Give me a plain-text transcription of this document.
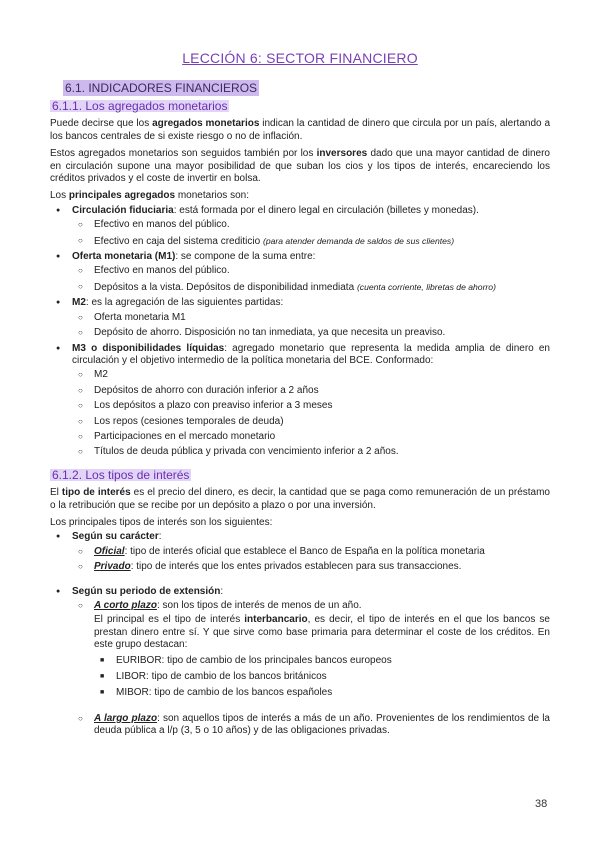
LECCIÓN 6: SECTOR FINANCIERO
6.1. INDICADORES FINANCIEROS
6.1.1. Los agregados monetarios

Puede decirse que los agregados monetarios indican la cantidad de dinero que circula por un país, alertando a los bancos centrales de si existe riesgo o no de inflación.

Estos agregados monetarios son seguidos también por los inversores dado que una mayor cantidad de dinero en circulación supone una mayor posibilidad de que suban los cios y los tipos de interés, encareciendo los créditos privados y el coste de invertir en bolsa.

Los principales agregados monetarios son:

● Circulación fiduciaria: está formada por el dinero legal en circulación (billetes y monedas).
○ Efectivo en manos del público.
○ Efectivo en caja del sistema crediticio (para atender demanda de saldos de sus clientes)
● Oferta monetaria (M1): se compone de la suma entre:
○ Efectivo en manos del público.
○ Depósitos a la vista. Depósitos de disponibilidad inmediata (cuenta corriente, libretas de ahorro)
● M2: es la agregación de las siguientes partidas:
○ Oferta monetaria M1
○ Depósito de ahorro. Disposición no tan inmediata, ya que necesita un preaviso.
● M3 o disponibilidades líquidas: agregado monetario que representa la medida amplia de dinero en circulación y el objetivo intermedio de la política monetaria del BCE. Conformado:
○ M2
○ Depósitos de ahorro con duración inferior a 2 años
○ Los depósitos a plazo con preaviso inferior a 3 meses
○ Los repos (cesiones temporales de deuda)
○ Participaciones en el mercado monetario
○ Títulos de deuda pública y privada con vencimiento inferior a 2 años.
6.1.2. Los tipos de interés

El tipo de interés es el precio del dinero, es decir, la cantidad que se paga como remuneración de un préstamo o la retribución que se recibe por un depósito a plazo o por una inversión.

Los principales tipos de interés son los siguientes:

● Según su carácter:
○ Oficial: tipo de interés oficial que establece el Banco de España en la política monetaria
○ Privado: tipo de interés que los entes privados establecen para sus transacciones.
● Según su periodo de extensión:
○ A corto plazo: son los tipos de interés de menos de un año.
El principal es el tipo de interés interbancario, es decir, el tipo de interés en el que los bancos se prestan dinero entre sí. Y que sirve como base primaria para determinar el coste de los créditos. En este grupo destacan:
■ EURIBOR: tipo de cambio de los principales bancos europeos
■ LIBOR: tipo de cambio de los bancos británicos
■ MIBOR: tipo de cambio de los bancos españoles
○ A largo plazo: son aquellos tipos de interés a más de un año. Provenientes de los rendimientos de la deuda pública a l/p (3, 5 o 10 años) y de las obligaciones privadas.
38
